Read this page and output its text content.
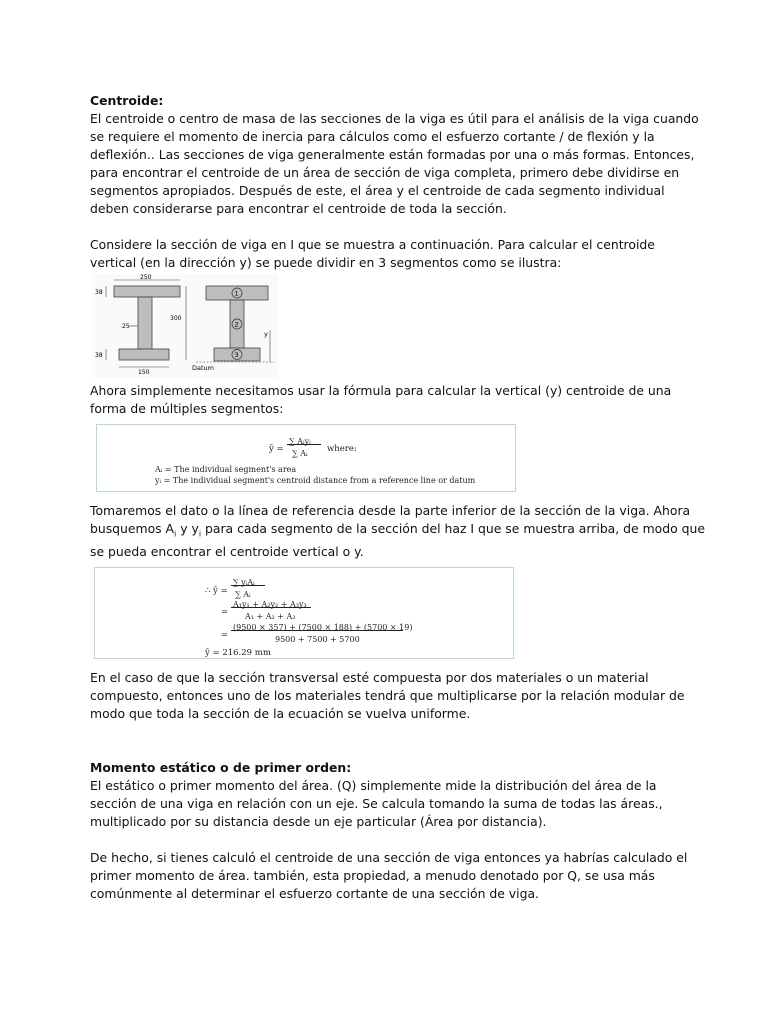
Centroide:

El centroide o centro de masa de las secciones de la viga es útil para el análisis de la viga cuando se requiere el momento de inercia para cálculos como el esfuerzo cortante / de flexión y la deflexión.. Las secciones de viga generalmente están formadas por una o más formas. Entonces, para encontrar el centroide de un área de sección de viga completa, primero debe dividirse en segmentos apropiados. Después de este, el área y el centroide de cada segmento individual deben considerarse para encontrar el centroide de toda la sección.

Considere la sección de viga en I que se muestra a continuación. Para calcular el centroide vertical (en la dirección y) se puede dividir en 3 segmentos como se ilustra:

250
38
25
300
38
150
1
2
3
y
Datum

Ahora simplemente necesitamos usar la fórmula para calcular la vertical (y) centroide de una forma de múltiples segmentos:

ȳ =
∑ Aᵢyᵢ
∑ Aᵢ where:
Aᵢ = The individual segment's area
yᵢ = The individual segment's centroid distance from a reference line or datum

Tomaremos el dato o la línea de referencia desde la parte inferior de la sección de la viga. Ahora busquemos $A_i$ y $y_i$ para cada segmento de la sección del haz I que se muestra arriba, de modo que se pueda encontrar el centroide vertical o y.

∴ ȳ =
∑ yᵢAᵢ
∑ Aᵢ
=
A₁y₁ + A₂y₂ + A₃y₃
A₁ + A₂ + A₃
=
(9500 × 357) + (7500 × 188) + (5700 × 19)
9500 + 7500 + 5700
ȳ = 216.29 mm

En el caso de que la sección transversal esté compuesta por dos materiales o un material compuesto, entonces uno de los materiales tendrá que multiplicarse por la relación modular de modo que toda la sección de la ecuación se vuelva uniforme.

Momento estático o de primer orden:

El estático o primer momento del área. (Q) simplemente mide la distribución del área de la sección de una viga en relación con un eje. Se calcula tomando la suma de todas las áreas., multiplicado por su distancia desde un eje particular (Área por distancia).

De hecho, si tienes calculó el centroide de una sección de viga entonces ya habrías calculado el primer momento de área. también, esta propiedad, a menudo denotado por Q, se usa más comúnmente al determinar el esfuerzo cortante de una sección de viga.
